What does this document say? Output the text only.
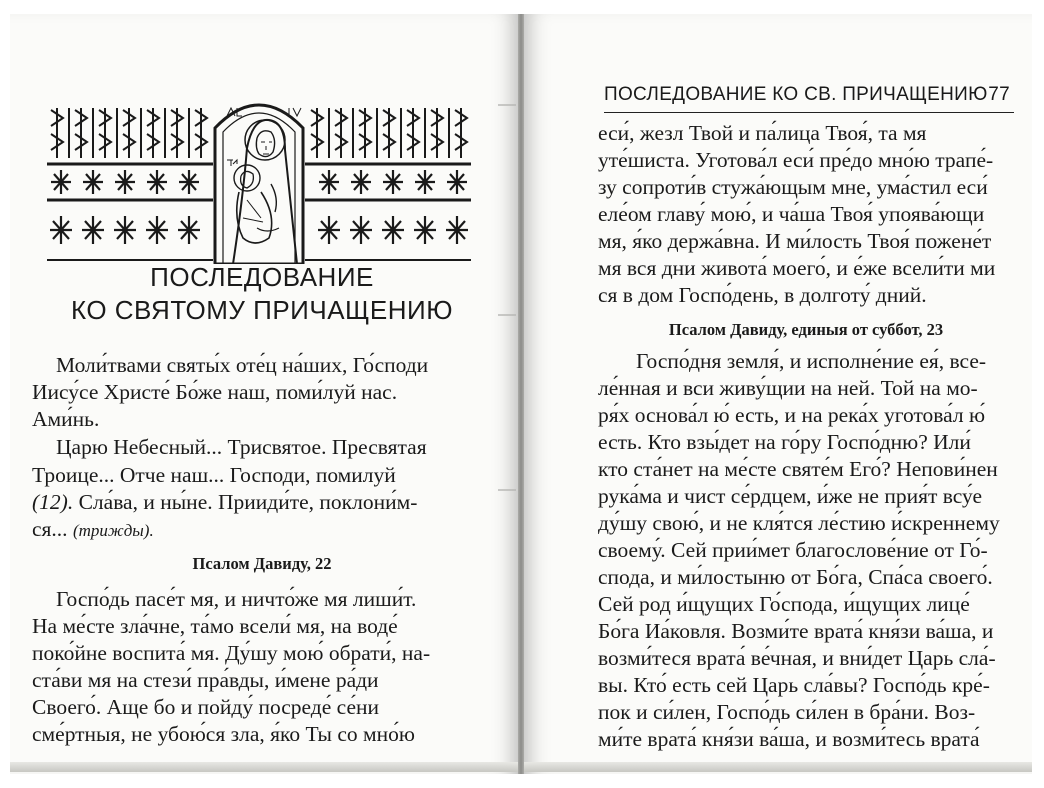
ПОСЛЕДОВАНИЕ
КО СВЯТОМУ ПРИЧАЩЕНИЮ
Моли́твами святы́х оте́ц на́ших, Го́споди
Иису́се Христе́ Бо́же наш, поми́луй нас.
Ами́нь.
Царю Небесный... Трисвятое. Пресвятая
Троице... Отче наш... Господи, помилуй
(12). Сла́ва, и ны́не. Прииди́те, поклони́м-
ся... (трижды).
Псалом Давиду, 22
Госпо́дь пасе́т мя, и ничто́же мя лиши́т.
На ме́сте зла́чне, та́мо всели́ мя, на воде́
поко́йне воспита́ мя. Ду́шу мою́ обрати́, на-
ста́ви мя на стези́ пра́вды, и́мене ра́ди
Своего́. Аще бо и пойду́ посреде́ се́ни
сме́ртныя, не убою́ся зла, я́ко Ты со мно́ю
ПОСЛЕДОВАНИЕ КО СВ. ПРИЧАЩЕНИЮ 77
еси́, жезл Твой и па́лица Твоя́, та мя
уте́шиста. Уготова́л еси́ пре́до мно́ю трапе́-
зу сопроти́в стужа́ющым мне, ума́стил еси́
еле́ом главу́ мою́, и ча́ша Твоя́ упоява́ющи
мя, я́ко держа́вна. И ми́лость Твоя́ пожене́т
мя вся дни живота́ моего́, и е́же всели́ти ми
ся в дом Госпо́день, в долготу́ дний.
Псалом Давиду, единыя от суббот, 23
Госпо́дня земля́, и исполне́ние ея́, все-
ле́нная и вси живу́щии на ней. Той на мо-
ря́х основа́л ю́ есть, и на река́х уготова́л ю́
есть. Кто взы́дет на го́ру Госпо́дню? Или́
кто ста́нет на ме́сте святе́м Его́? Непови́нен
рука́ма и чист се́рдцем, и́же не прия́т всу́е
ду́шу свою́, и не кля́тся ле́стию и́скреннему
своему́. Сей прии́мет благослове́ние от Го́-
спода, и ми́лостыню от Бо́га, Спа́са своего́.
Сей род и́щущих Го́спода, и́щущих лице́
Бо́га Иа́ковля. Возми́те врата́ кня́зи ва́ша, и
возми́теся врата́ ве́чная, и вни́дет Царь сла́-
вы. Кто́ есть сей Царь сла́вы? Госпо́дь кре́-
пок и си́лен, Госпо́дь си́лен в бра́ни. Воз-
ми́те врата́ кня́зи ва́ша, и возми́тесь врата́
